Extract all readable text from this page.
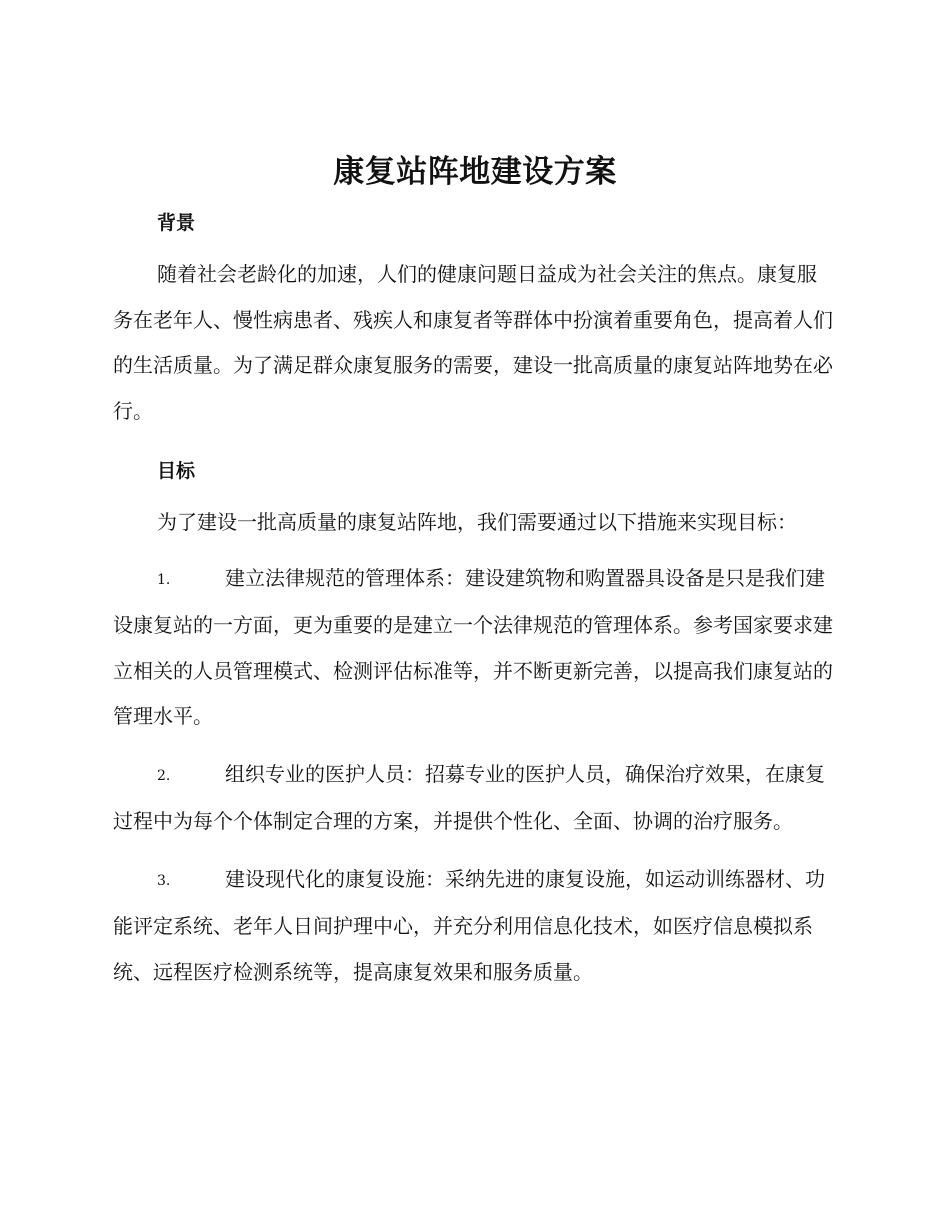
康复站阵地建设方案

背景

随着社会老龄化的加速，人们的健康问题日益成为社会关注的焦点。康复服务在老年人、慢性病患者、残疾人和康复者等群体中扮演着重要角色，提高着人们的生活质量。为了满足群众康复服务的需要，建设一批高质量的康复站阵地势在必行。

目标

为了建设一批高质量的康复站阵地，我们需要通过以下措施来实现目标：

1.	建立法律规范的管理体系：建设建筑物和购置器具设备是只是我们建设康复站的一方面，更为重要的是建立一个法律规范的管理体系。参考国家要求建立相关的人员管理模式、检测评估标准等，并不断更新完善，以提高我们康复站的管理水平。

2.	组织专业的医护人员：招募专业的医护人员，确保治疗效果，在康复过程中为每个个体制定合理的方案，并提供个性化、全面、协调的治疗服务。

3.	建设现代化的康复设施：采纳先进的康复设施，如运动训练器材、功能评定系统、老年人日间护理中心，并充分利用信息化技术，如医疗信息模拟系统、远程医疗检测系统等，提高康复效果和服务质量。
